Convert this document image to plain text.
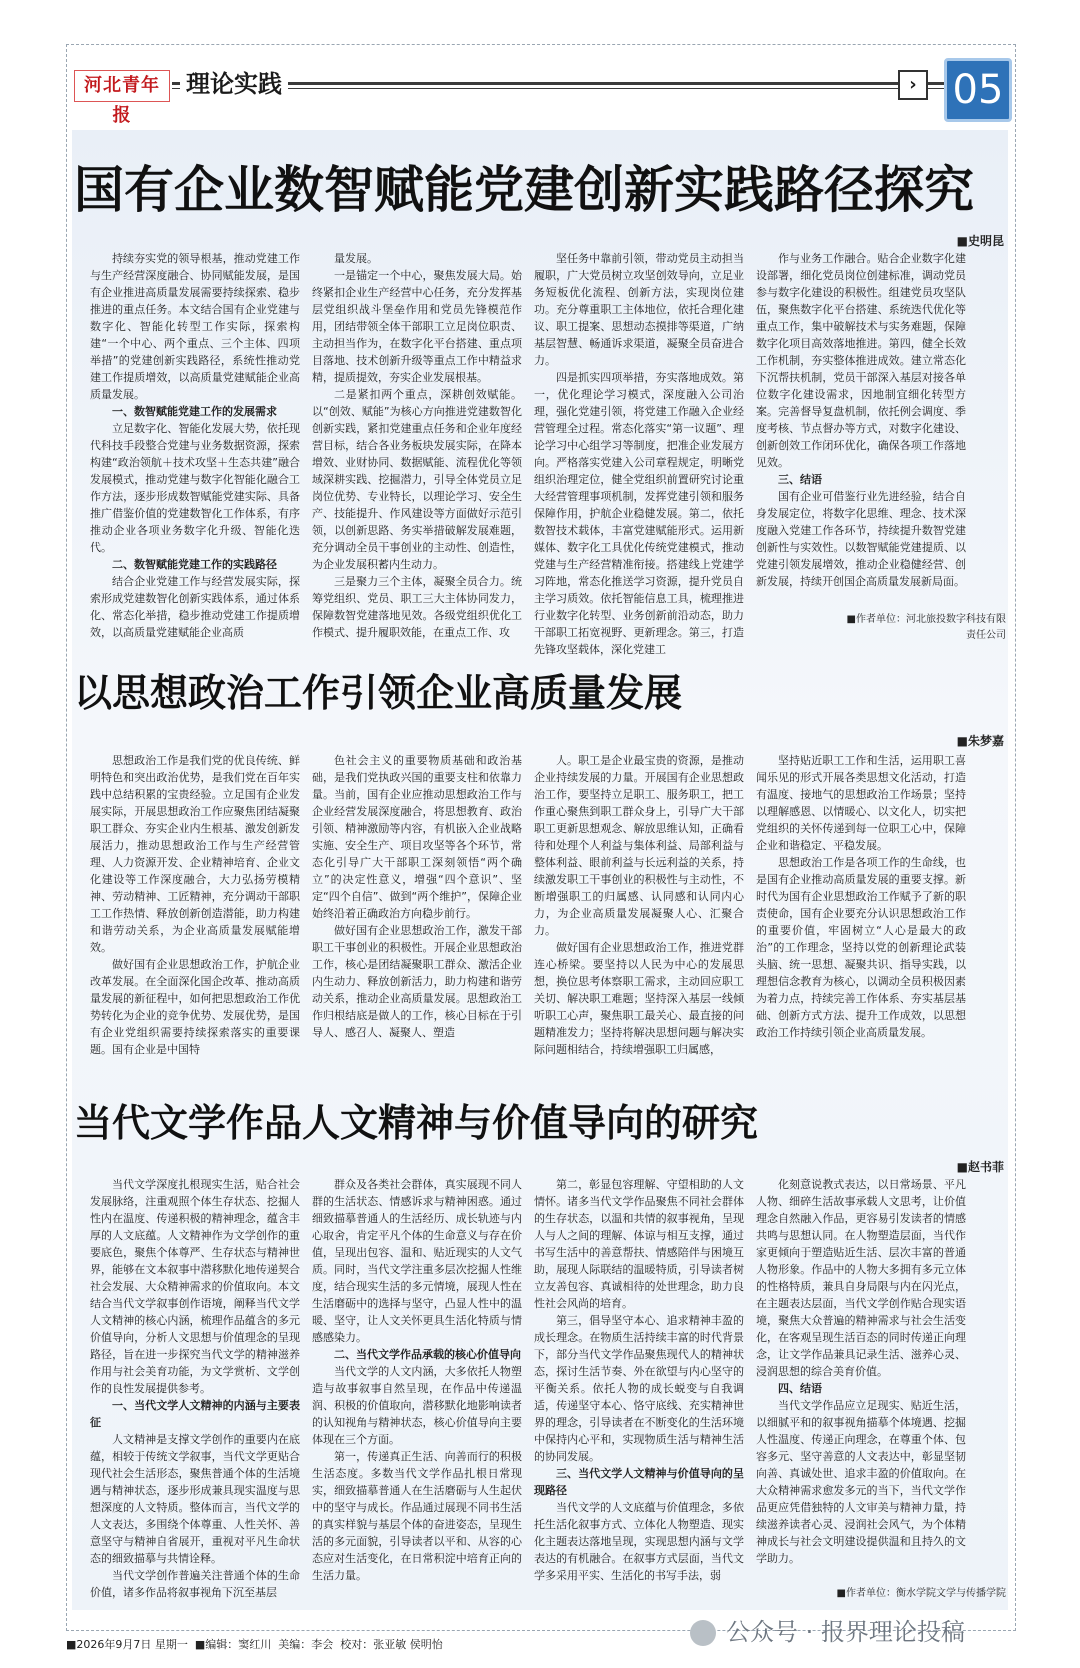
河北青年报
理论实践	› 05
国有企业数智赋能党建创新实践路径探究
■史明昆

持续夯实党的领导根基，推动党建工作与生产经营深度融合、协同赋能发展，是国有企业推进高质量发展需要持续探索、稳步推进的重点任务。本文结合国有企业党建与数字化、智能化转型工作实际，探索构建“一个中心、两个重点、三个主体、四项举措”的党建创新实践路径，系统性推动党建工作提质增效，以高质量党建赋能企业高质量发展。

一、数智赋能党建工作的发展需求

立足数字化、智能化发展大势，依托现代科技手段整合党建与业务数据资源，探索构建“政治领航＋技术攻坚＋生态共建”融合发展模式，推动党建与数字化智能化融合工作方法，逐步形成数智赋能党建实际、具备推广借鉴价值的党建数智化工作体系，有序推动企业各项业务数字化升级、智能化迭代。

二、数智赋能党建工作的实践路径

结合企业党建工作与经营发展实际，探索形成党建数智化创新实践体系，通过体系化、常态化举措，稳步推动党建工作提质增效，以高质量党建赋能企业高质

量发展。

一是锚定一个中心，聚焦发展大局。始终紧扣企业生产经营中心任务，充分发挥基层党组织战斗堡垒作用和党员先锋模范作用，团结带领全体干部职工立足岗位职责、主动担当作为，在数字化平台搭建、重点项目落地、技术创新升级等重点工作中精益求精，提质提效，夯实企业发展根基。

二是紧扣两个重点，深耕创效赋能。以“创效、赋能”为核心方向推进党建数智化创新实践，紧扣党建重点任务和企业年度经营目标，结合各业务板块发展实际，在降本增效、业财协同、数据赋能、流程优化等领域深耕实践、挖掘潜力，引导全体党员立足岗位优势、专业特长，以理论学习、安全生产、技能提升、作风建设等方面做好示范引领，以创新思路、务实举措破解发展难题，充分调动全员干事创业的主动性、创造性，为企业发展积蓄内生动力。

三是聚力三个主体，凝聚全员合力。统筹党组织、党员、职工三大主体协同发力，保障数智党建落地见效。各级党组织优化工作模式、提升履职效能，在重点工作、攻

坚任务中靠前引领，带动党员主动担当履职，广大党员树立攻坚创效导向，立足业务短板优化流程、创新方法，实现岗位建功。充分尊重职工主体地位，依托合理化建议、职工提案、思想动态摸排等渠道，广纳基层智慧、畅通诉求渠道，凝聚全员奋进合力。

四是抓实四项举措，夯实落地成效。第一，优化理论学习模式，深度融入公司治理，强化党建引领，将党建工作融入企业经营管理全过程。常态化落实“第一议题”、理论学习中心组学习等制度，把准企业发展方向。严格落实党建入公司章程规定，明晰党组织治理定位，健全党组织前置研究讨论重大经营管理事项机制，发挥党建引领和服务保障作用，护航企业稳健发展。第二，依托数智技术载体，丰富党建赋能形式。运用新媒体、数字化工具优化传统党建模式，推动党建与生产经营精准衔接。搭建线上党建学习阵地，常态化推送学习资源，提升党员自主学习质效。依托智能信息工具，梳理推进行业数字化转型、业务创新前沿动态，助力干部职工拓宽视野、更新理念。第三，打造先锋攻坚载体，深化党建工

作与业务工作融合。贴合企业数字化建设部署，细化党员岗位创建标准，调动党员参与数字化建设的积极性。组建党员攻坚队伍，聚焦数字化平台搭建、系统迭代优化等重点工作，集中破解技术与实务难题，保障数字化项目高效落地推进。第四，健全长效工作机制，夯实整体推进成效。建立常态化下沉帮扶机制，党员干部深入基层对接各单位数字化建设需求，因地制宜细化转型方案。完善督导复盘机制，依托例会调度、季度考核、节点督办等方式，对数字化建设、创新创效工作闭环优化，确保各项工作落地见效。

三、结语

国有企业可借鉴行业先进经验，结合自身发展定位，将数字化思维、理念、技术深度融入党建工作各环节，持续提升数智党建创新性与实效性。以数智赋能党建提质、以党建引领发展增效，推动企业稳健经营、创新发展，持续开创国企高质量发展新局面。

■作者单位：河北旅投数字科技有限责任公司
以思想政治工作引领企业高质量发展
■朱梦嘉

思想政治工作是我们党的优良传统、鲜明特色和突出政治优势，是我们党在百年实践中总结积累的宝贵经验。立足国有企业发展实际，开展思想政治工作应聚焦团结凝聚职工群众、夯实企业内生根基、激发创新发展活力，推动思想政治工作与生产经营管理、人力资源开发、企业精神培育、企业文化建设等工作深度融合，大力弘扬劳模精神、劳动精神、工匠精神，充分调动干部职工工作热情、释放创新创造潜能，助力构建和谐劳动关系，为企业高质量发展赋能增效。

做好国有企业思想政治工作，护航企业改革发展。在全面深化国企改革、推动高质量发展的新征程中，如何把思想政治工作优势转化为企业的竞争优势、发展优势，是国有企业党组织需要持续探索落实的重要课题。国有企业是中国特

色社会主义的重要物质基础和政治基础，是我们党执政兴国的重要支柱和依靠力量。当前，国有企业应推动思想政治工作与企业经营发展深度融合，将思想教育、政治引领、精神激励等内容，有机嵌入企业战略实施、安全生产、项目攻坚等各个环节，常态化引导广大干部职工深刻领悟“两个确立”的决定性意义，增强“四个意识”、坚定“四个自信”、做到“两个维护”，保障企业始终沿着正确政治方向稳步前行。

做好国有企业思想政治工作，激发干部职工干事创业的积极性。开展企业思想政治工作，核心是团结凝聚职工群众、激活企业内生动力、释放创新活力，助力构建和谐劳动关系，推动企业高质量发展。思想政治工作归根结底是做人的工作，核心目标在于引导人、感召人、凝聚人、塑造

人。职工是企业最宝贵的资源，是推动企业持续发展的力量。开展国有企业思想政治工作，要坚持立足职工、服务职工，把工作重心聚焦到职工群众身上，引导广大干部职工更新思想观念、解放思维认知，正确看待和处理个人利益与集体利益、局部利益与整体利益、眼前利益与长远利益的关系，持续激发职工干事创业的积极性与主动性，不断增强职工的归属感、认同感和认同内心力，为企业高质量发展凝聚人心、汇聚合力。

做好国有企业思想政治工作，推进党群连心桥梁。要坚持以人民为中心的发展思想，换位思考体察职工需求，主动回应职工关切、解决职工难题；坚持深入基层一线倾听职工心声，聚焦职工最关心、最直接的问题精准发力；坚持将解决思想问题与解决实际问题相结合，持续增强职工归属感，

坚持贴近职工工作和生活，运用职工喜闻乐见的形式开展各类思想文化活动，打造有温度、接地气的思想政治工作场景；坚持以理解感恩、以情暖心、以文化人，切实把党组织的关怀传递到每一位职工心中，保障企业和谐稳定、平稳发展。

思想政治工作是各项工作的生命线，也是国有企业推动高质量发展的重要支撑。新时代为国有企业思想政治工作赋予了新的职责使命，国有企业要充分认识思想政治工作的重要价值，牢固树立“人心是最大的政治”的工作理念，坚持以党的创新理论武装头脑、统一思想、凝聚共识、指导实践，以理想信念教育为核心，以调动全员积极因素为着力点，持续完善工作体系、夯实基层基础、创新方式方法、提升工作成效，以思想政治工作持续引领企业高质量发展。

当代文学作品人文精神与价值导向的研究
■赵书菲

当代文学深度扎根现实生活，贴合社会发展脉络，注重观照个体生存状态、挖掘人性内在温度、传递积极的精神理念，蕴含丰厚的人文底蕴。人文精神作为文学创作的重要底色，聚焦个体尊严、生存状态与精神世界，能够在文本叙事中潜移默化地传递契合社会发展、大众精神需求的价值取向。本文结合当代文学叙事创作语境，阐释当代文学人文精神的核心内涵，梳理作品蕴含的多元价值导向，分析人文思想与价值理念的呈现路径，旨在进一步探究当代文学的精神滋养作用与社会美育功能，为文学赏析、文学创作的良性发展提供参考。

一、当代文学人文精神的内涵与主要表征

人文精神是支撑文学创作的重要内在底蕴，相较于传统文学叙事，当代文学更贴合现代社会生活形态，聚焦普通个体的生活境遇与精神状态，逐步形成兼具现实温度与思想深度的人文特质。整体而言，当代文学的人文表达，多围绕个体尊重、人性关怀、善意坚守与精神自省展开，重视对平凡生命状态的细致描摹与共情诠释。

当代文学创作普遍关注普通个体的生命价值，诸多作品将叙事视角下沉至基层

群众及各类社会群体，真实展现不同人群的生活状态、情感诉求与精神困惑。通过细致描摹普通人的生活经历、成长轨迹与内心取舍，肯定平凡个体的生命意义与存在价值，呈现出包容、温和、贴近现实的人文气质。同时，当代文学注重多层次挖掘人性维度，结合现实生活的多元情境，展现人性在生活磨砺中的选择与坚守，凸显人性中的温暖、坚守，让人文关怀更具生活化特质与情感感染力。

二、当代文学作品承载的核心价值导向

当代文学的人文内涵，大多依托人物塑造与故事叙事自然呈现，在作品中传递温润、积极的价值取向，潜移默化地影响读者的认知视角与精神状态，核心价值导向主要体现在三个方面。

第一，传递真正生活、向善而行的积极生活态度。多数当代文学作品扎根日常现实，细致描摹普通人在生活磨砺与人生起伏中的坚守与成长。作品通过展现不同书生活的真实样貌与基层个体的奋进姿态，呈现生活的多元面貌，引导读者以平和、从容的心态应对生活变化，在日常积淀中培育正向的生活力量。

第二，彰显包容理解、守望相助的人文情怀。诸多当代文学作品聚焦不同社会群体的生存状态，以温和共情的叙事视角，呈现人与人之间的理解、体谅与相互支撑，通过书写生活中的善意帮扶、情感陪伴与困境互助，展现人际联结的温暖特质，引导读者树立友善包容、真诚相待的处世理念，助力良性社会风尚的培育。

第三，倡导坚守本心、追求精神丰盈的成长理念。在物质生活持续丰富的时代背景下，部分当代文学作品聚焦现代人的精神状态，探讨生活节奏、外在欲望与内心坚守的平衡关系。依托人物的成长蜕变与自我调适，传递坚守本心、恪守底线、充实精神世界的理念，引导读者在不断变化的生活环境中保持内心平和，实现物质生活与精神生活的协同发展。

三、当代文学人文精神与价值导向的呈现路径

当代文学的人文底蕴与价值理念，多依托生活化叙事方式、立体化人物塑造、现实化主题表达落地呈现，实现思想内涵与文学表达的有机融合。在叙事方式层面，当代文学多采用平实、生活化的书写手法，弱

化刻意说教式表达，以日常场景、平凡人物、细碎生活故事承载人文思考，让价值理念自然融入作品，更容易引发读者的情感共鸣与思想认同。在人物塑造层面，当代作家更倾向于塑造贴近生活、层次丰富的普通人物形象。作品中的人物大多拥有多元立体的性格特质，兼具自身局限与内在闪光点，在主题表达层面，当代文学创作贴合现实语境，聚焦大众普遍的精神需求与社会生活变化，在客观呈现生活百态的同时传递正向理念，让文学作品兼具记录生活、滋养心灵、浸润思想的综合美育价值。

四、结语

当代文学作品应立足现实、贴近生活，以细腻平和的叙事视角描摹个体境遇、挖掘人性温度、传递正向理念，在尊重个体、包容多元、坚守善意的人文表达中，彰显坚韧向善、真诚处世、追求丰盈的价值取向。在大众精神需求愈发多元的当下，当代文学作品更应凭借独特的人文审美与精神力量，持续滋养读者心灵、浸润社会风气，为个体精神成长与社会文明建设提供温和且持久的文学助力。

■作者单位：衡水学院文学与传播学院
■2026年9月7日 星期一 ■编辑：窦红川 美编：李会 校对：张亚敏 侯明怡	公众号 · 报界理论投稿
